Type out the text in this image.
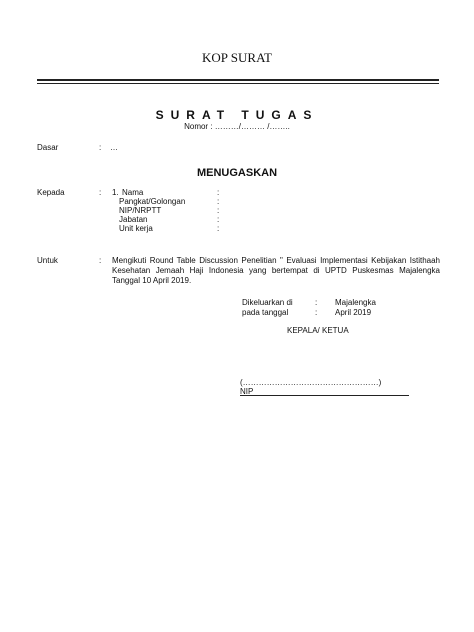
KOP SURAT
SURAT TUGAS
Nomor : ………/……… /……..
Dasar	: …
MENUGASKAN
Kepada	: 1. Nama	:
Pangkat/Golongan	:
NIP/NRPTT	:
Jabatan	:
Unit kerja	:
Untuk	: Mengikuti Round Table Discussion Penelitian " Evaluasi Implementasi Kebijakan Istithaah Kesehatan Jemaah Haji Indonesia yang bertempat di UPTD Puskesmas Majalengka Tanggal 10 April 2019.
Dikeluarkan di	: Majalengka
pada tanggal	: April 2019
KEPALA/ KETUA
(……………………………………………)
NIP
